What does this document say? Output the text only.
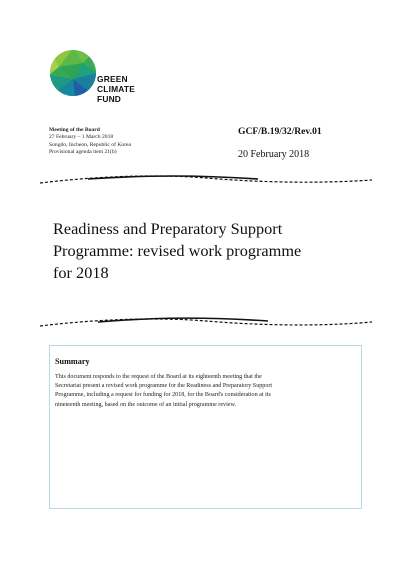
GREEN
CLIMATE
FUND
Meeting of the Board
27 February – 1 March 2018
Songdo, Incheon, Republic of Korea
Provisional agenda item 21(b)
GCF/B.19/32/Rev.01
20 February 2018
Readiness and Preparatory Support
Programme: revised work programme
for 2018
Summary
This document responds to the request of the Board at its eighteenth meeting that the
Secretariat present a revised work programme for the Readiness and Preparatory Support
Programme, including a request for funding for 2018, for the Board's consideration at its
nineteenth meeting, based on the outcome of an initial programme review.
